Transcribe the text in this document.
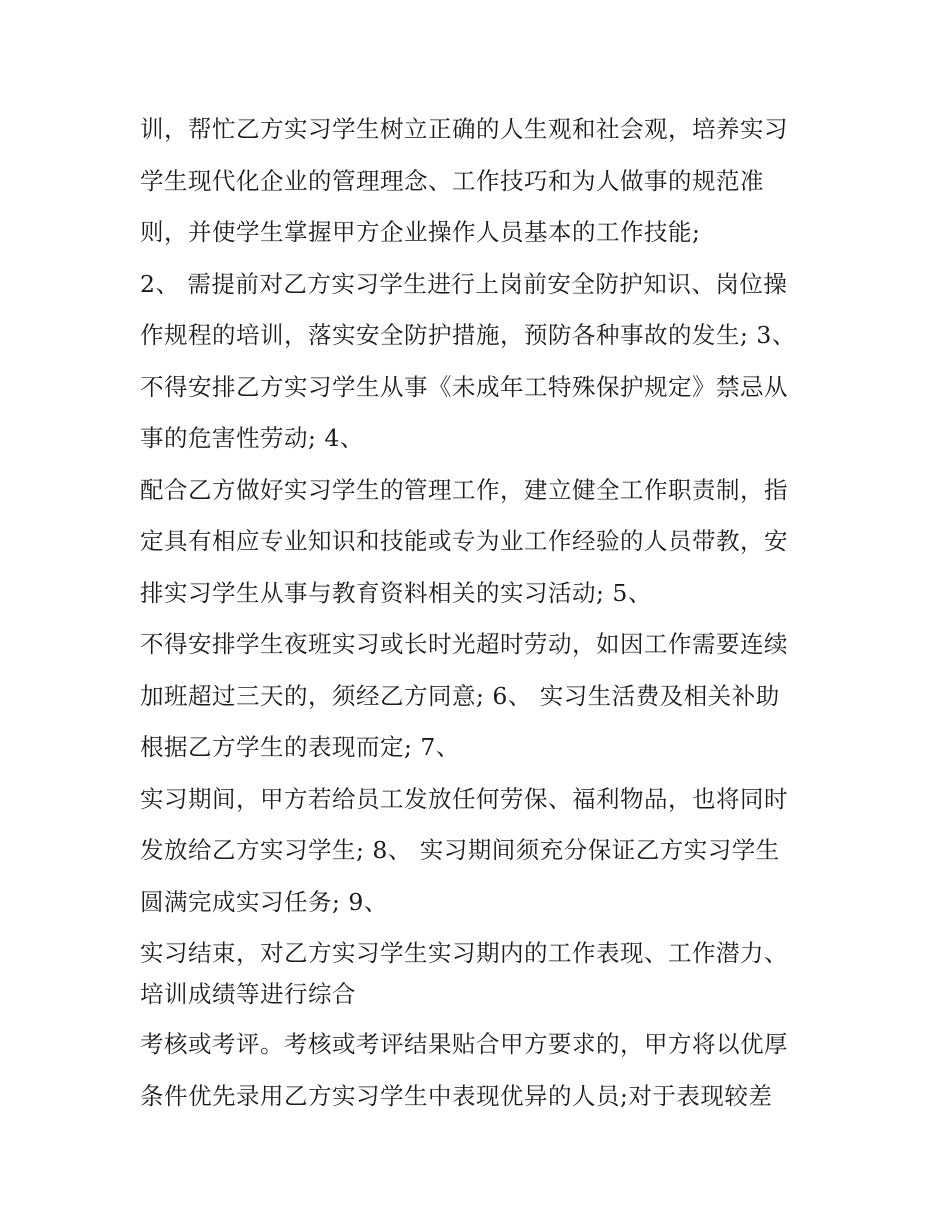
训，帮忙乙方实习学生树立正确的人生观和社会观，培养实习
学生现代化企业的管理理念、工作技巧和为人做事的规范准
则，并使学生掌握甲方企业操作人员基本的工作技能;
2、 需提前对乙方实习学生进行上岗前安全防护知识、岗位操
作规程的培训，落实安全防护措施，预防各种事故的发生; 3、
不得安排乙方实习学生从事《未成年工特殊保护规定》禁忌从
事的危害性劳动; 4、
配合乙方做好实习学生的管理工作，建立健全工作职责制，指
定具有相应专业知识和技能或专为业工作经验的人员带教，安
排实习学生从事与教育资料相关的实习活动; 5、
不得安排学生夜班实习或长时光超时劳动，如因工作需要连续
加班超过三天的，须经乙方同意; 6、 实习生活费及相关补助
根据乙方学生的表现而定; 7、
实习期间，甲方若给员工发放任何劳保、福利物品，也将同时
发放给乙方实习学生; 8、 实习期间须充分保证乙方实习学生
圆满完成实习任务; 9、
实习结束，对乙方实习学生实习期内的工作表现、工作潜力、
培训成绩等进行综合
考核或考评。考核或考评结果贴合甲方要求的，甲方将以优厚
条件优先录用乙方实习学生中表现优异的人员;对于表现较差
